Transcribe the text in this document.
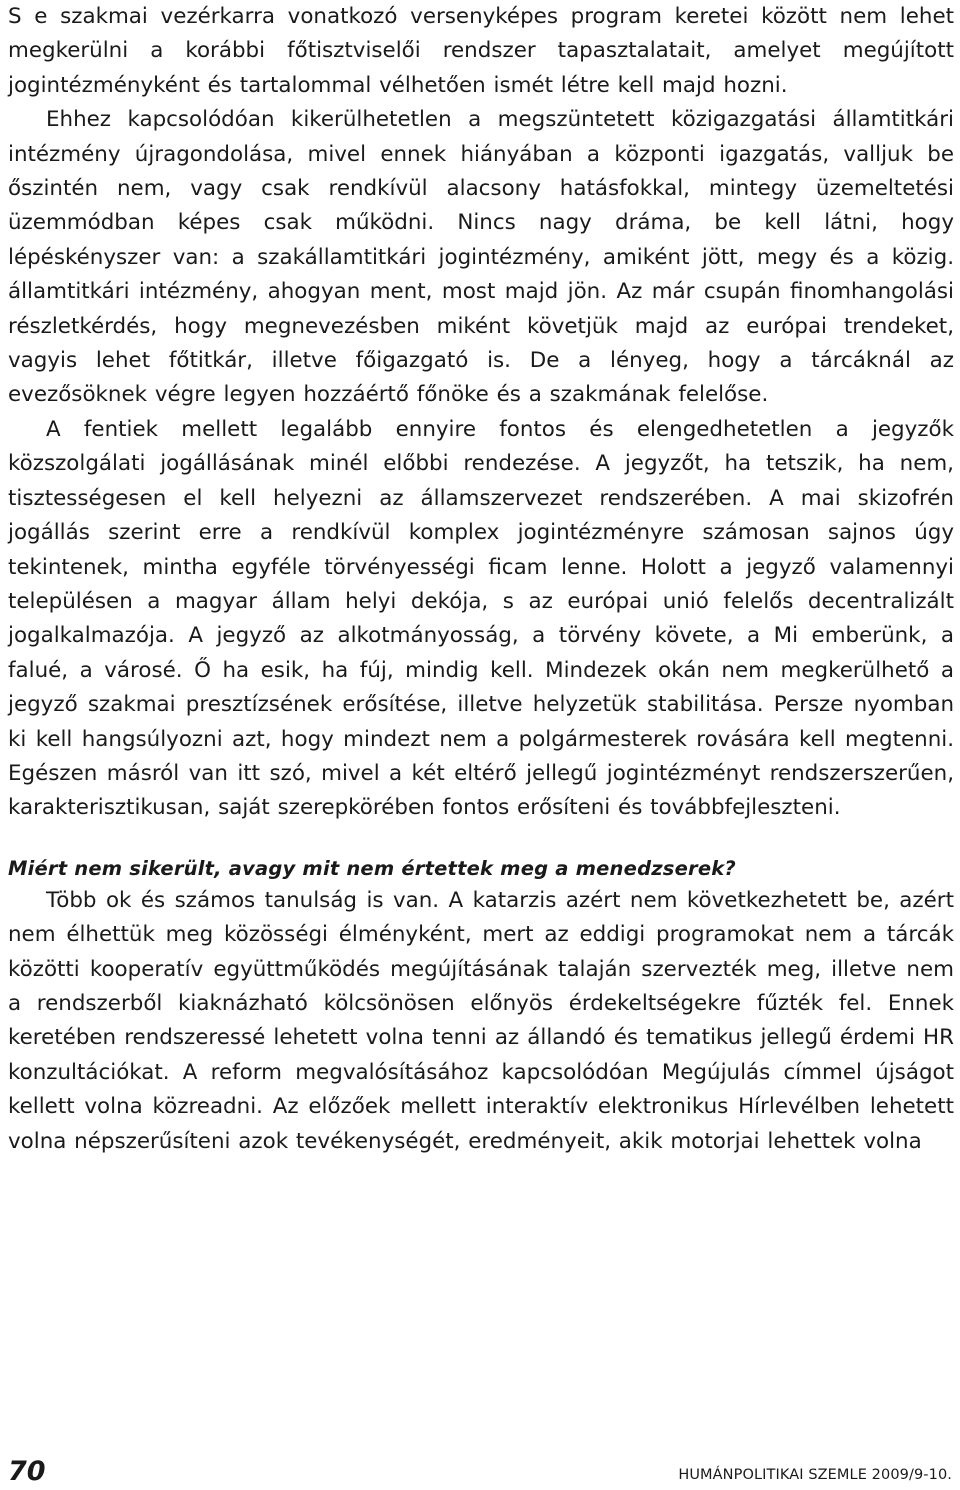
S e szakmai vezérkarra vonatkozó versenyképes program keretei között nem lehet megkerülni a korábbi főtisztviselői rendszer tapasztalatait, amelyet megújított jogintézményként és tartalommal vélhetően ismét létre kell majd hozni.

Ehhez kapcsolódóan kikerülhetetlen a megszüntetett közigazgatási államtitkári intézmény újragondolása, mivel ennek hiányában a központi igazgatás, valljuk be őszintén nem, vagy csak rendkívül alacsony hatásfokkal, mintegy üzemeltetési üzemmódban képes csak működni. Nincs nagy dráma, be kell látni, hogy lépéskényszer van: a szakállamtitkári jogintézmény, amiként jött, megy és a közig. államtitkári intézmény, ahogyan ment, most majd jön. Az már csupán finomhangolási részletkérdés, hogy megnevezésben miként követjük majd az európai trendeket, vagyis lehet főtitkár, illetve főigazgató is. De a lényeg, hogy a tárcáknál az evezősöknek végre legyen hozzáértő főnöke és a szakmának felelőse.

A fentiek mellett legalább ennyire fontos és elengedhetetlen a jegyzők közszolgálati jogállásának minél előbbi rendezése. A jegyzőt, ha tetszik, ha nem, tisztességesen el kell helyezni az államszervezet rendszerében. A mai skizofrén jogállás szerint erre a rendkívül komplex jogintézményre számosan sajnos úgy tekintenek, mintha egyféle törvényességi ficam lenne. Holott a jegyző valamennyi településen a magyar állam helyi dekója, s az európai unió felelős decentralizált jogalkalmazója. A jegyző az alkotmányosság, a törvény követe, a Mi emberünk, a falué, a városé. Ő ha esik, ha fúj, mindig kell. Mindezek okán nem megkerülhető a jegyző szakmai presztízsének erősítése, illetve helyzetük stabilitása. Persze nyomban ki kell hangsúlyozni azt, hogy mindezt nem a polgármesterek rovására kell megtenni. Egészen másról van itt szó, mivel a két eltérő jellegű jogintézményt rendszerszerűen, karakterisztikusan, saját szerepkörében fontos erősíteni és továbbfejleszteni.

Miért nem sikerült, avagy mit nem értettek meg a menedzserek?

Több ok és számos tanulság is van. A katarzis azért nem következhetett be, azért nem élhettük meg közösségi élményként, mert az eddigi programokat nem a tárcák közötti kooperatív együttműködés megújításának talaján szervezték meg, illetve nem a rendszerből kiaknázható kölcsönösen előnyös érdekeltségekre fűzték fel. Ennek keretében rendszeressé lehetett volna tenni az állandó és tematikus jellegű érdemi HR konzultációkat. A reform megvalósításához kapcsolódóan Megújulás címmel újságot kellett volna közreadni. Az előzőek mellett interaktív elektronikus Hírlevélben lehetett volna népszerűsíteni azok tevékenységét, eredményeit, akik motorjai lehettek volna

70	HUMÁNPOLITIKAI SZEMLE 2009/9-10.
